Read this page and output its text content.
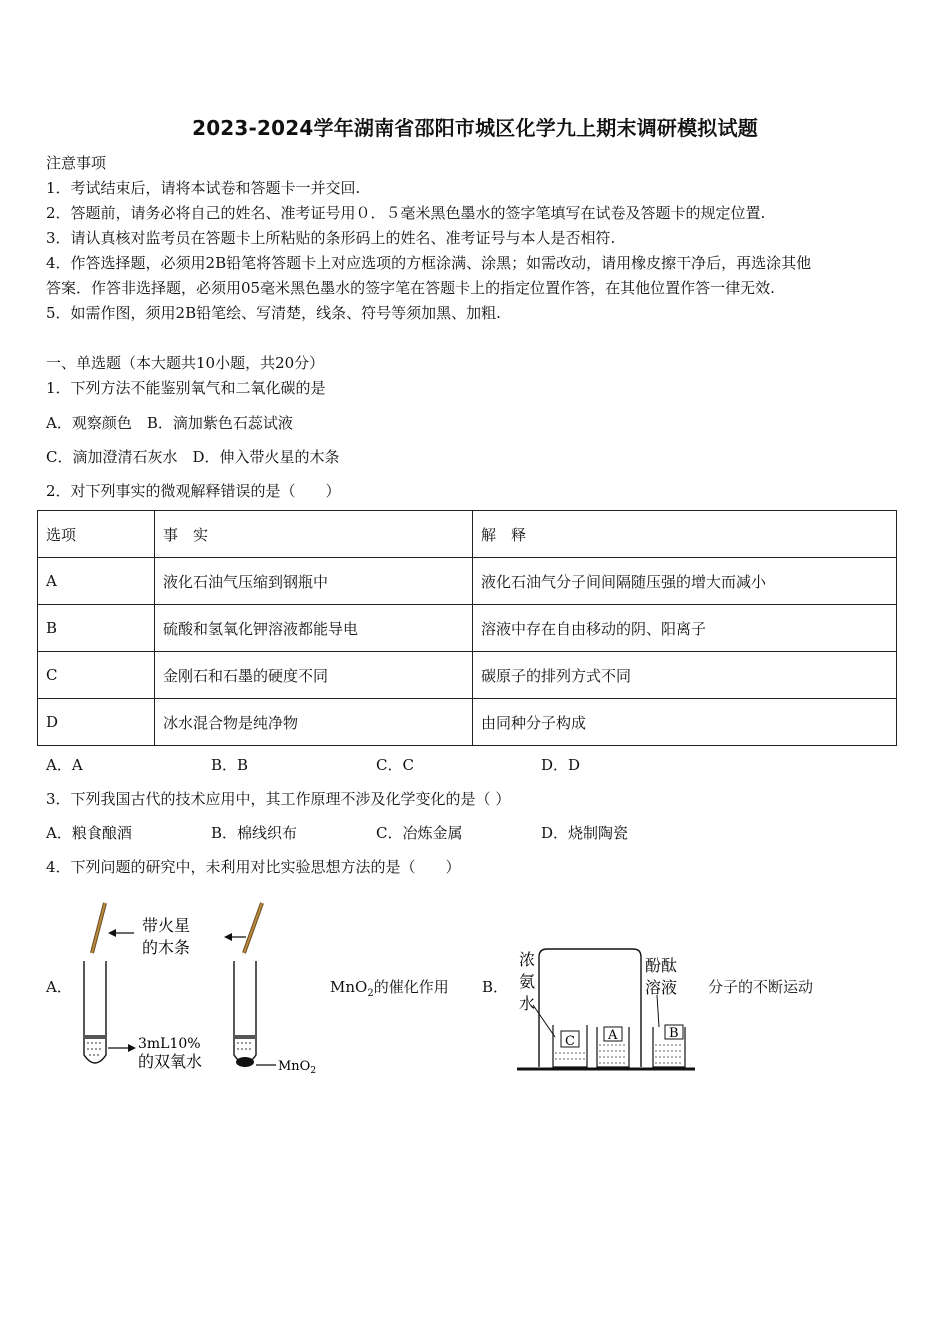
2023-2024学年湖南省邵阳市城区化学九上期末调研模拟试题
注意事项
1．考试结束后，请将本试卷和答题卡一并交回.
2．答题前，请务必将自己的姓名、准考证号用０．５毫米黑色墨水的签字笔填写在试卷及答题卡的规定位置.
3．请认真核对监考员在答题卡上所粘贴的条形码上的姓名、准考证号与本人是否相符.
4．作答选择题，必须用2B铅笔将答题卡上对应选项的方框涂满、涂黑；如需改动，请用橡皮擦干净后，再选涂其他
答案．作答非选择题，必须用05毫米黑色墨水的签字笔在答题卡上的指定位置作答，在其他位置作答一律无效.
5．如需作图，须用2B铅笔绘、写清楚，线条、符号等须加黑、加粗.
一、单选题（本大题共10小题，共20分）
1．下列方法不能鉴别氧气和二氧化碳的是
A．观察颜色　B．滴加紫色石蕊试液
C．滴加澄清石灰水　D．伸入带火星的木条
2．对下列事实的微观解释错误的是（　　）
选项	事　实	解　释
A	液化石油气压缩到钢瓶中	液化石油气分子间间隔随压强的增大而减小
B	硫酸和氢氧化钾溶液都能导电	溶液中存在自由移动的阴、阳离子
C	金刚石和石墨的硬度不同	碳原子的排列方式不同
D	冰水混合物是纯净物	由同种分子构成
A．A	B．B	C．C	D．D
3．下列我国古代的技术应用中，其工作原理不涉及化学变化的是（ ）
A．粮食酿酒	B．棉线织布	C．冶炼金属	D．烧制陶瓷
4．下列问题的研究中，未利用对比实验思想方法的是（　　）
A．	MnO$_2$的催化作用 B．	分子的不断运动
带火星
的木条
3mL10%
的双氧水	MnO$_2$
C	A	B
浓
氨
水
酚酞
溶液
